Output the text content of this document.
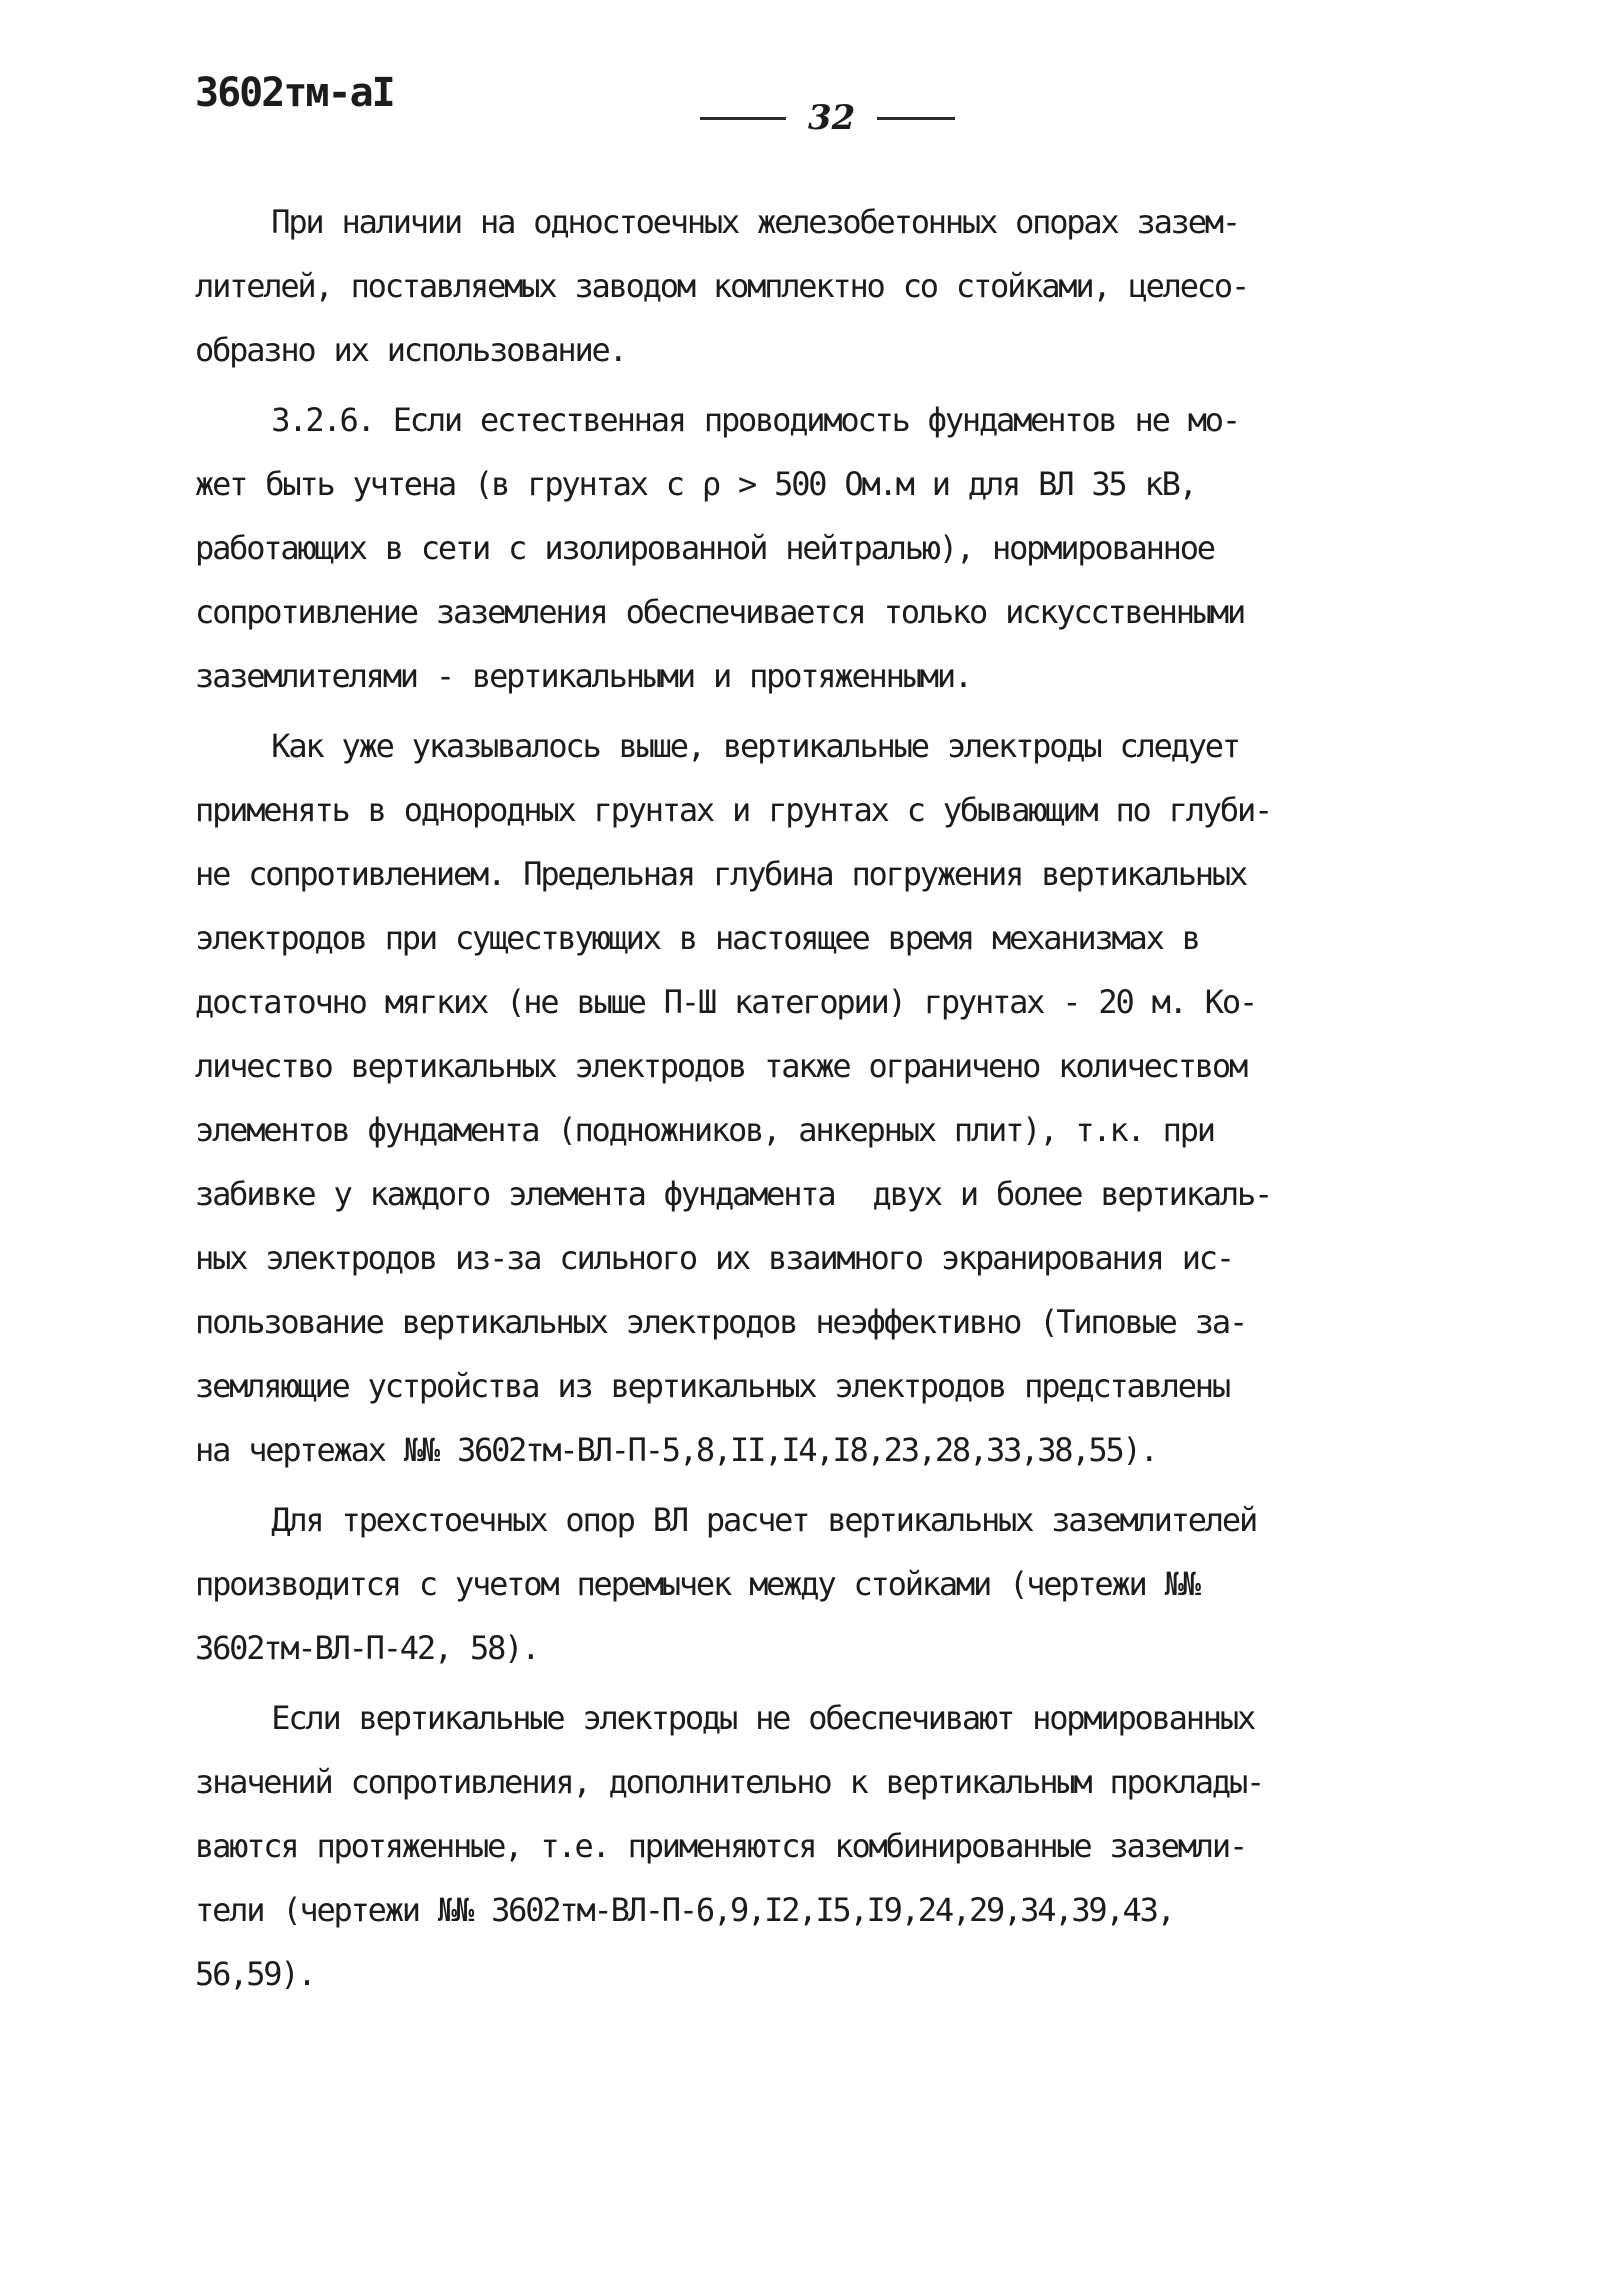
3602тм-аI
32
При наличии на одностоечных железобетонных опорах зазем-
лителей, поставляемых заводом комплектно со стойками, целесо-
образно их использование.
3.2.6. Если естественная проводимость фундаментов не мо-
жет быть учтена (в грунтах с ρ > 500 Ом.м и для ВЛ 35 кВ,
работающих в сети с изолированной нейтралью), нормированное
сопротивление заземления обеспечивается только искусственными
заземлителями - вертикальными и протяженными.
Как уже указывалось выше, вертикальные электроды следует
применять в однородных грунтах и грунтах с убывающим по глуби-
не сопротивлением. Предельная глубина погружения вертикальных
электродов при существующих в настоящее время механизмах в
достаточно мягких (не выше П-Ш категории) грунтах - 20 м. Ко-
личество вертикальных электродов также ограничено количеством
элементов фундамента (подножников, анкерных плит), т.к. при
забивке у каждого элемента фундамента  двух и более вертикаль-
ных электродов из-за сильного их взаимного экранирования ис-
пользование вертикальных электродов неэффективно (Типовые за-
земляющие устройства из вертикальных электродов представлены
на чертежах №№ 3602тм-ВЛ-П-5,8,II,I4,I8,23,28,33,38,55).
Для трехстоечных опор ВЛ расчет вертикальных заземлителей
производится с учетом перемычек между стойками (чертежи №№
3602тм-ВЛ-П-42, 58).
Если вертикальные электроды не обеспечивают нормированных
значений сопротивления, дополнительно к вертикальным проклады-
ваются протяженные, т.е. применяются комбинированные заземли-
тели (чертежи №№ 3602тм-ВЛ-П-6,9,I2,I5,I9,24,29,34,39,43,
56,59).
